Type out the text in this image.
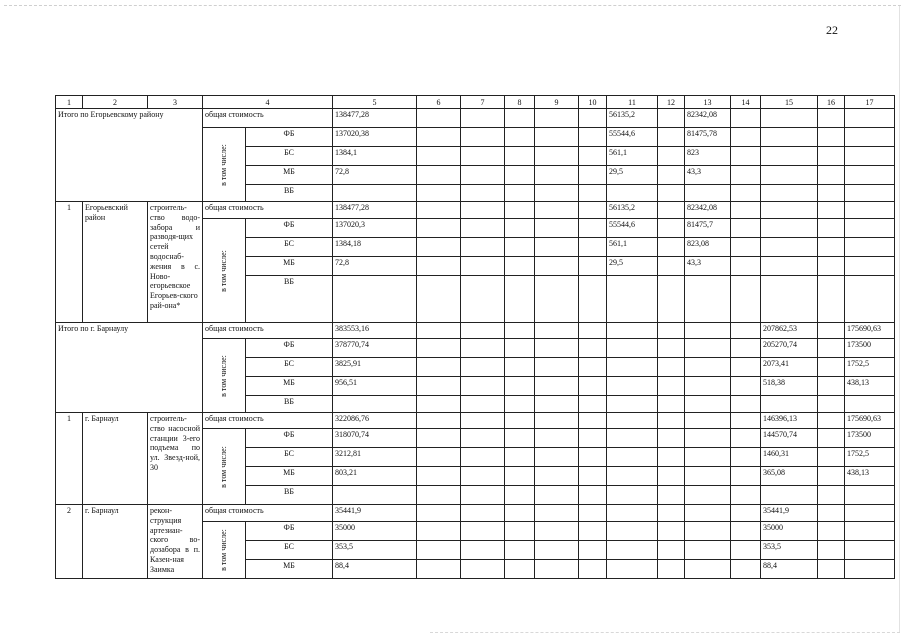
22
1	2	3	4		5	6	7	8	9	10	11	12	13	14	15	16	17
Итого по Егорьевскому району			общая стоимость		138477,28						56135,2		82342,08				

			в том числе:	ФБ	137020,38						55544,6		81475,78				
				БС	1384,1						561,1		823				
				МБ	72,8						29,5		43,3				
				ВБ													
1	Егорьевский район	строитель-ство водо-забора и разводя-щих сетей водоснаб-жения в с. Ново-егорьевское Егорьев-ского рай-она*	общая стоимость		138477,28						56135,2		82342,08				

			в том числе:	ФБ	137020,3						55544,6		81475,7				
				БС	1384,18						561,1		823,08				
				МБ	72,8						29,5		43,3				
				ВБ													
Итого по г. Барнаулу			общая стоимость		383553,16										207862,53		175690,63

			в том числе:	ФБ	378770,74										205270,74		173500
				БС	3825,91										2073,41		1752,5
				МБ	956,51										518,38		438,13
				ВБ													
1	г. Барнаул	строитель-ство насосной станции 3-его подъема по ул. Звезд-ной, 30	общая стоимость		322086,76										146396,13		175690,63

			в том числе:	ФБ	318070,74										144570,74		173500
				БС	3212,81										1460,31		1752,5
				МБ	803,21										365,08		438,13
				ВБ													
2	г. Барнаул	рекон-струкция артезиан-ского во-дозабора в п. Казен-ная Заимка	общая стоимость		35441,9										35441,9		

			в том числе:	ФБ	35000										35000		
				БС	353,5										353,5		
				МБ	88,4										88,4		
